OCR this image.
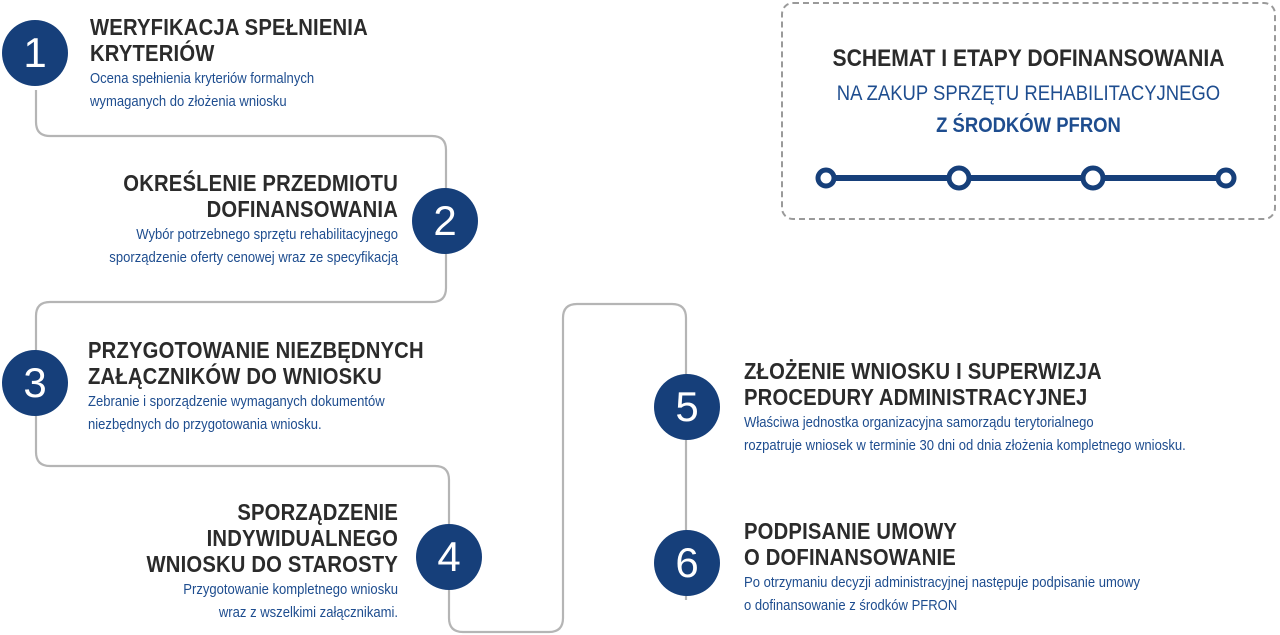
1
WERYFIKACJA SPEŁNIENIA
KRYTERIÓW
Ocena spełnienia kryteriów formalnych
wymaganych do złożenia wniosku
2
OKREŚLENIE PRZEDMIOTU
DOFINANSOWANIA
Wybór potrzebnego sprzętu rehabilitacyjnego
sporządzenie oferty cenowej wraz ze specyfikacją
3
PRZYGOTOWANIE NIEZBĘDNYCH
ZAŁĄCZNIKÓW DO WNIOSKU
Zebranie i sporządzenie wymaganych dokumentów
niezbędnych do przygotowania wniosku.
4
SPORZĄDZENIE INDYWIDUALNEGO
WNIOSKU DO STAROSTY
Przygotowanie kompletnego wniosku
wraz z wszelkimi załącznikami.
5
ZŁOŻENIE WNIOSKU I SUPERWIZJA
PROCEDURY ADMINISTRACYJNEJ
Właściwa jednostka organizacyjna samorządu terytorialnego
rozpatruje wniosek w terminie 30 dni od dnia złożenia kompletnego wniosku.
6
PODPISANIE UMOWY
O DOFINANSOWANIE
Po otrzymaniu decyzji administracyjnej następuje podpisanie umowy
o dofinansowanie z środków PFRON
SCHEMAT I ETAPY DOFINANSOWANIA
NA ZAKUP SPRZĘTU REHABILITACYJNEGO
Z ŚRODKÓW PFRON
